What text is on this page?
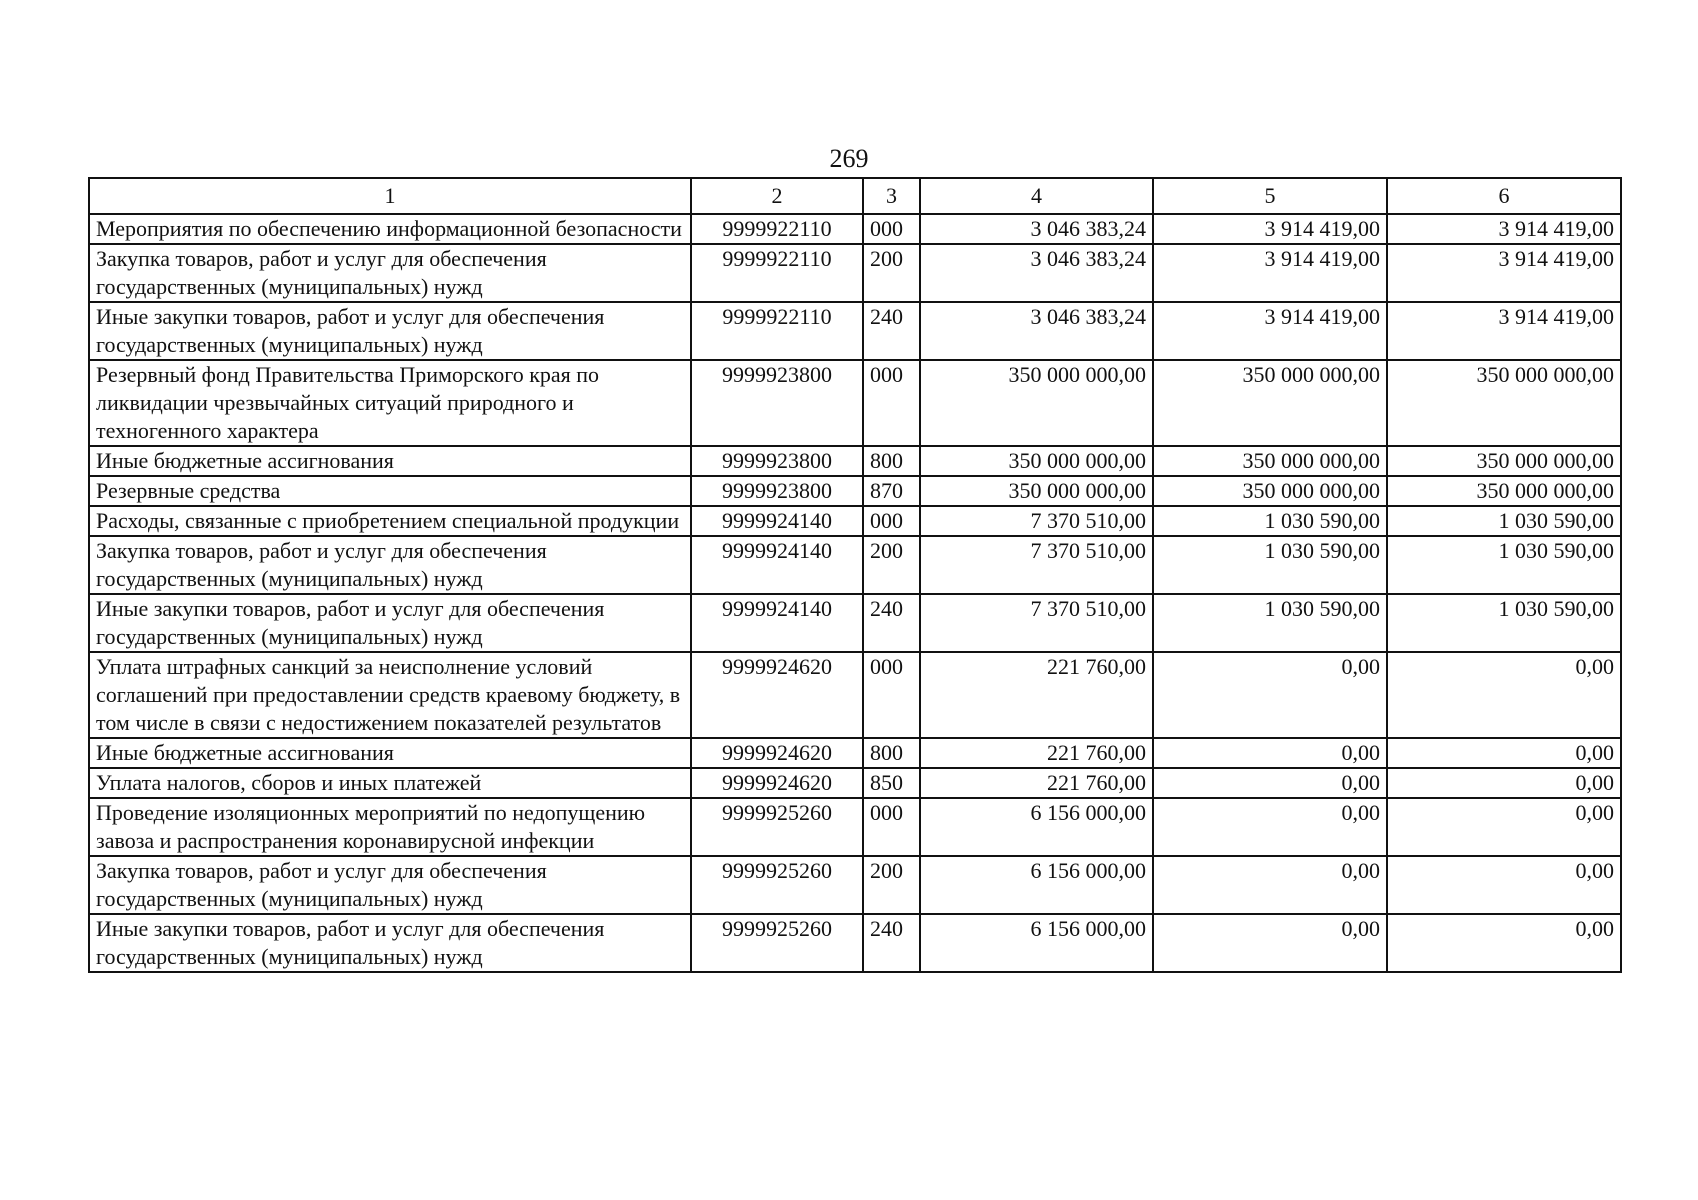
269
1	2	3	4	5	6
Мероприятия по обеспечению информационной безопасности	9999922110	000	3 046 383,24	3 914 419,00	3 914 419,00
Закупка товаров, работ и услуг для обеспечения государственных (муниципальных) нужд	9999922110	200	3 046 383,24	3 914 419,00	3 914 419,00
Иные закупки товаров, работ и услуг для обеспечения государственных (муниципальных) нужд	9999922110	240	3 046 383,24	3 914 419,00	3 914 419,00
Резервный фонд Правительства Приморского края по ликвидации чрезвычайных ситуаций природного и техногенного характера	9999923800	000	350 000 000,00	350 000 000,00	350 000 000,00
Иные бюджетные ассигнования	9999923800	800	350 000 000,00	350 000 000,00	350 000 000,00
Резервные средства	9999923800	870	350 000 000,00	350 000 000,00	350 000 000,00
Расходы, связанные с приобретением специальной продукции	9999924140	000	7 370 510,00	1 030 590,00	1 030 590,00
Закупка товаров, работ и услуг для обеспечения государственных (муниципальных) нужд	9999924140	200	7 370 510,00	1 030 590,00	1 030 590,00
Иные закупки товаров, работ и услуг для обеспечения государственных (муниципальных) нужд	9999924140	240	7 370 510,00	1 030 590,00	1 030 590,00
Уплата штрафных санкций за неисполнение условий соглашений при предоставлении средств краевому бюджету, в том числе в связи с недостижением показателей результатов	9999924620	000	221 760,00	0,00	0,00
Иные бюджетные ассигнования	9999924620	800	221 760,00	0,00	0,00
Уплата налогов, сборов и иных платежей	9999924620	850	221 760,00	0,00	0,00
Проведение изоляционных мероприятий по недопущению завоза и распространения коронавирусной инфекции	9999925260	000	6 156 000,00	0,00	0,00
Закупка товаров, работ и услуг для обеспечения государственных (муниципальных) нужд	9999925260	200	6 156 000,00	0,00	0,00
Иные закупки товаров, работ и услуг для обеспечения государственных (муниципальных) нужд	9999925260	240	6 156 000,00	0,00	0,00
